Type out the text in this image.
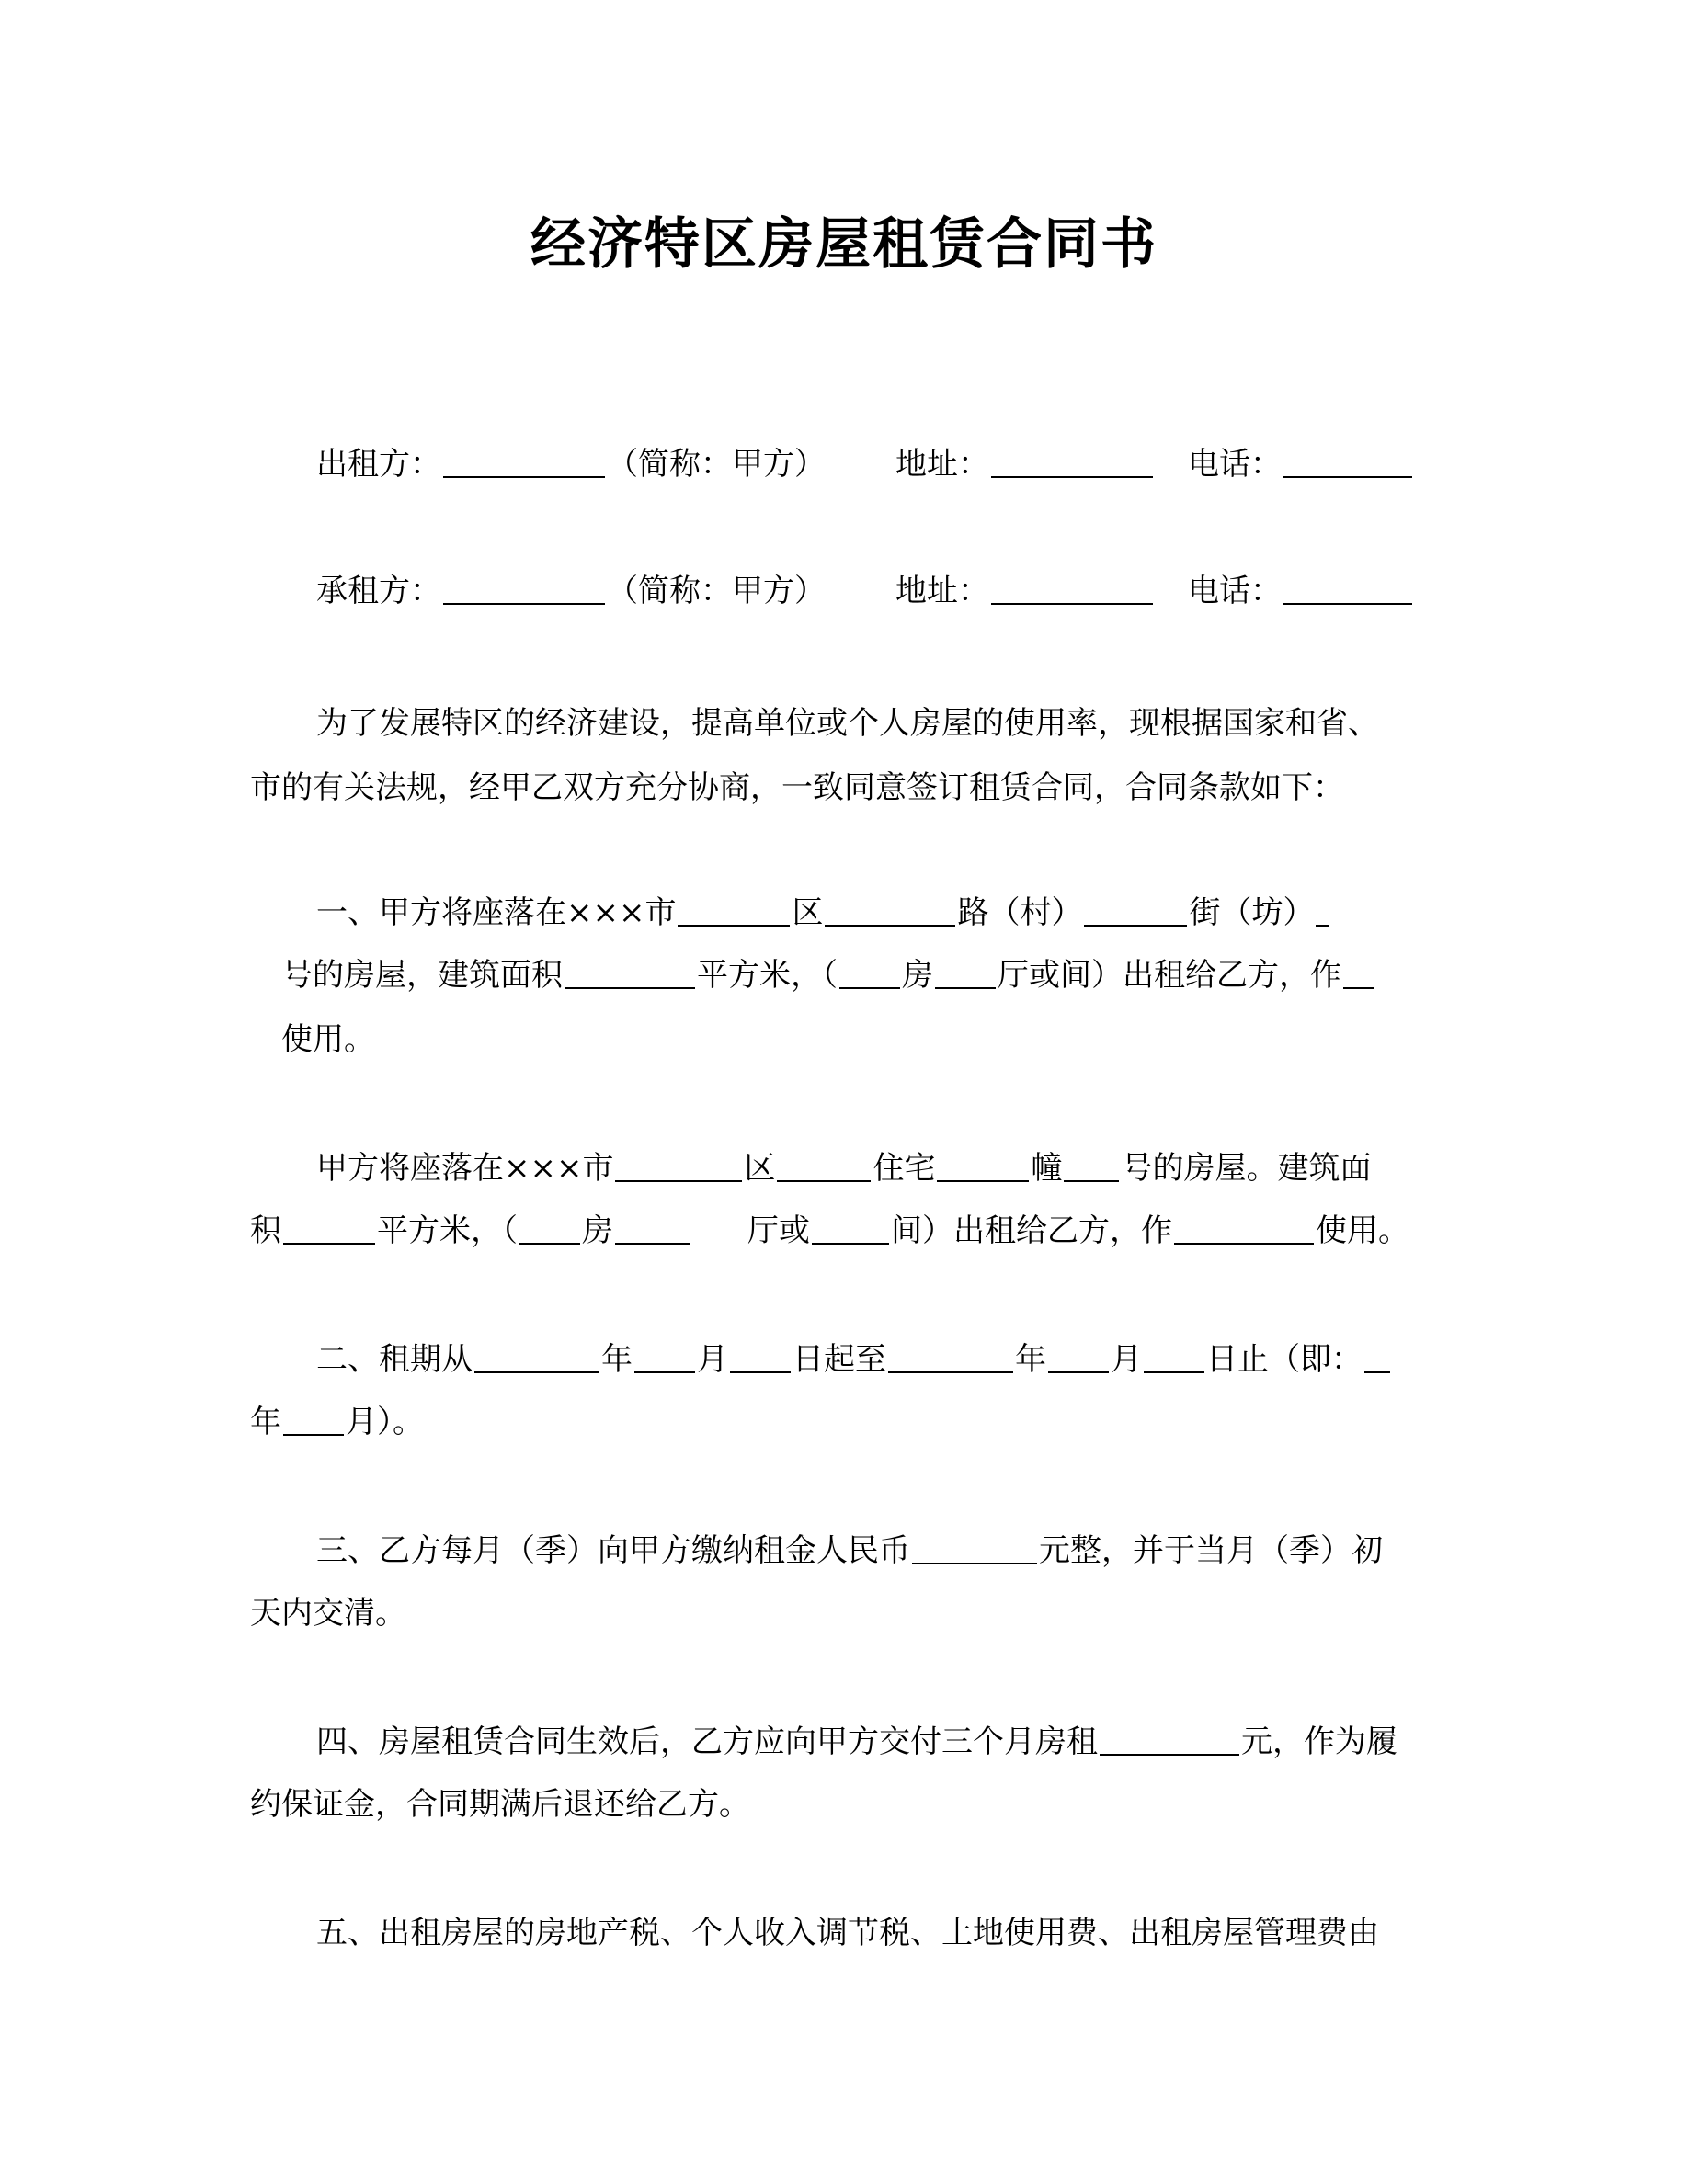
经济特区房屋租赁合同书
出租方：	（简称：甲方） 地址：	电话：
承租方：	（简称：甲方） 地址：	电话：
为了发展特区的经济建设，提高单位或个人房屋的使用率，现根据国家和省、
市的有关法规，经甲乙双方充分协商，一致同意签订租赁合同，合同条款如下：
一、甲方将座落在×××市	区	路（村）	街（坊）
号的房屋，建筑面积	平方米，（ 房 厅或间）出租给乙方，作
使用。
甲方将座落在×××市	区	住宅	幢 号的房屋。建筑面
积	平方米，（ 房	厅或	间）出租给乙方，作	使用。
二、租期从	年 月 日起至	年 月 日止（即：
年 月）。
三、乙方每月（季）向甲方缴纳租金人民币	元整，并于当月（季）初
天内交清。
四、房屋租赁合同生效后，乙方应向甲方交付三个月房租	元，作为履
约保证金，合同期满后退还给乙方。
五、出租房屋的房地产税、个人收入调节税、土地使用费、出租房屋管理费由
